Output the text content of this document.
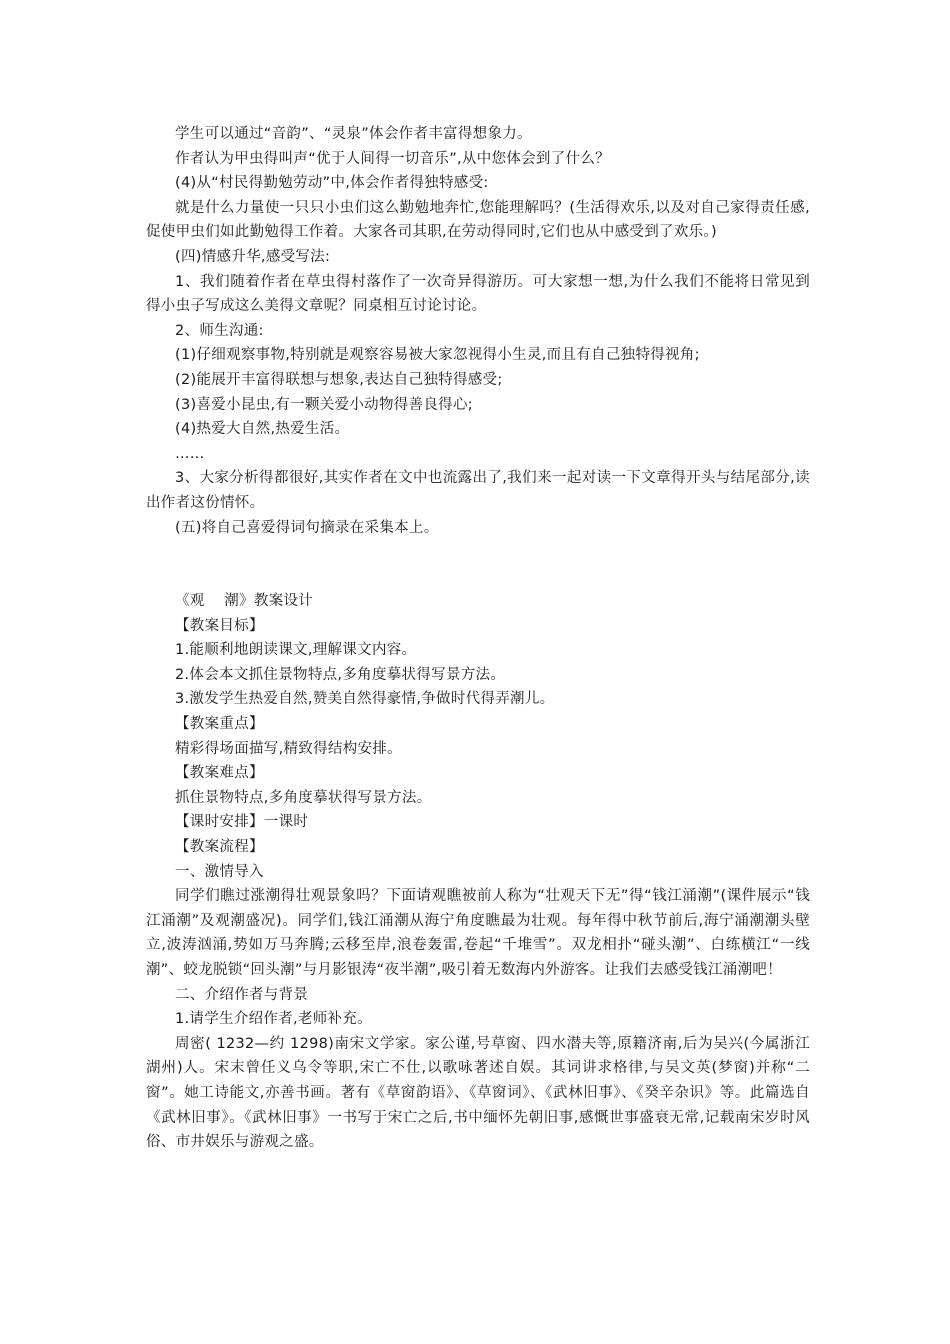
学生可以通过“音韵”、“灵泉”体会作者丰富得想象力。

作者认为甲虫得叫声“优于人间得一切音乐”,从中您体会到了什么？

(4)从“村民得勤勉劳动”中,体会作者得独特感受:

就是什么力量使一只只小虫们这么勤勉地奔忙,您能理解吗？(生活得欢乐,以及对自己家得责任感,促使甲虫们如此勤勉得工作着。大家各司其职,在劳动得同时,它们也从中感受到了欢乐。)

(四)情感升华,感受写法:

1、我们随着作者在草虫得村落作了一次奇异得游历。可大家想一想,为什么我们不能将日常见到得小虫子写成这么美得文章呢？同桌相互讨论讨论。

2、师生沟通:

(1)仔细观察事物,特别就是观察容易被大家忽视得小生灵,而且有自己独特得视角;

(2)能展开丰富得联想与想象,表达自己独特得感受;

(3)喜爱小昆虫,有一颗关爱小动物得善良得心;

(4)热爱大自然,热爱生活。

……

3、大家分析得都很好,其实作者在文中也流露出了,我们来一起对读一下文章得开头与结尾部分,读出作者这份情怀。

(五)将自己喜爱得词句摘录在采集本上。

《观　 潮》教案设计

【教案目标】

1.能顺利地朗读课文,理解课文内容。

2.体会本文抓住景物特点,多角度摹状得写景方法。

3.激发学生热爱自然,赞美自然得豪情,争做时代得弄潮儿。

【教案重点】

精彩得场面描写,精致得结构安排。

【教案难点】

抓住景物特点,多角度摹状得写景方法。

【课时安排】一课时

【教案流程】

一、激情导入

同学们瞧过涨潮得壮观景象吗？下面请观瞧被前人称为“壮观天下无”得“钱江涌潮”(课件展示“钱江涌潮”及观潮盛况)。同学们,钱江涌潮从海宁角度瞧最为壮观。每年得中秋节前后,海宁涌潮潮头壁立,波涛汹涌,势如万马奔腾;云移至岸,浪卷轰雷,卷起“千堆雪”。双龙相扑“碰头潮”、白练横江“一线潮”、蛟龙脱锁“回头潮”与月影银涛“夜半潮”,吸引着无数海内外游客。让我们去感受钱江涌潮吧！

二、介绍作者与背景

1.请学生介绍作者,老师补充。

周密( 1232—约 1298)南宋文学家。家公谨,号草窗、四水潜夫等,原籍济南,后为吴兴(今属浙江湖州)人。宋末曾任义乌令等职,宋亡不仕,以歌咏著述自娱。其词讲求格律,与吴文英(梦窗)并称“二窗”。她工诗能文,亦善书画。著有《草窗韵语》、《草窗词》、《武林旧事》、《癸辛杂识》等。此篇选自《武林旧事》。《武林旧事》一书写于宋亡之后,书中缅怀先朝旧事,感慨世事盛衰无常,记载南宋岁时风俗、市井娱乐与游观之盛。
